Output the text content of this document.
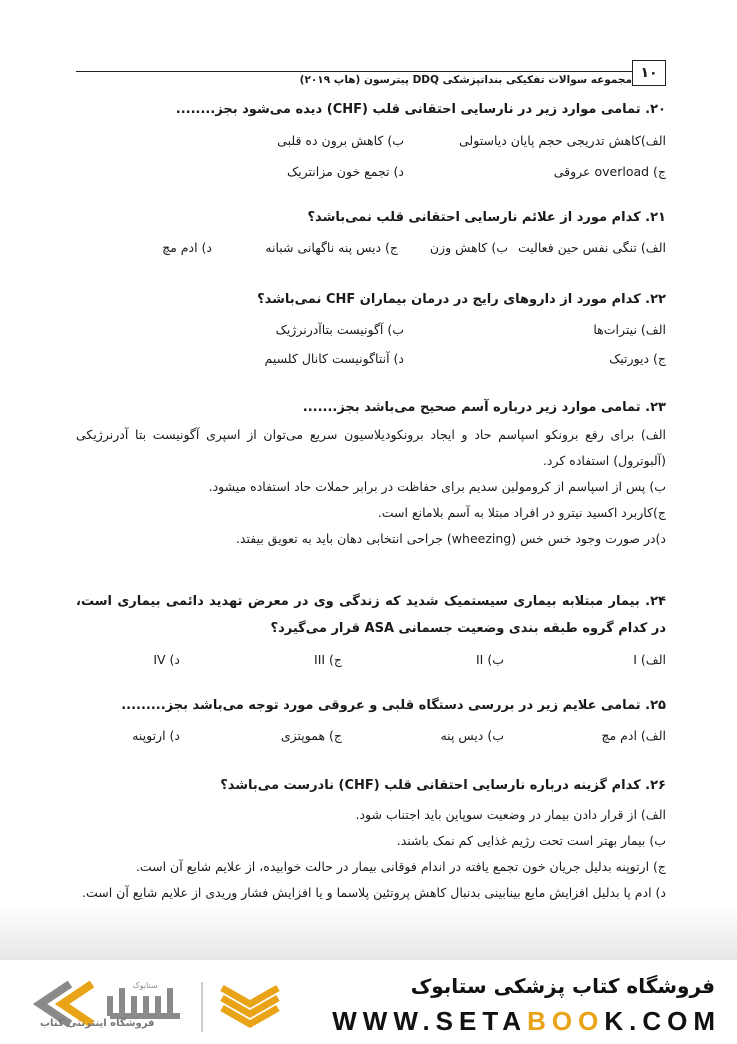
۱۰
مجموعه سوالات تفکیکی بنداتپزشکی DDQ پیترسون (هاپ ۲۰۱۹)
۲۰. تمامی موارد زیر در نارسایی احتقانی قلب (CHF) دیده می‌شود بجز........
الف)کاهش تدریجی حجم پایان دیاستولی
ب) کاهش برون ده قلبی
ج) overload عروقی
د) تجمع خون مزانتریک
۲۱. کدام مورد از علائم نارسایی احتقانی قلب نمی‌باشد؟
الف) تنگی نفس حین فعالیت
ب) کاهش وزن
ج) دیس پنه ناگهانی شبانه
د) ادم مچ
۲۲. کدام مورد از داروهای رایج در درمان بیماران CHF نمی‌باشد؟
الف) نیترات‌ها
ب) آگونیست بتاآدرنرژیک
ج) دیورتیک
د) آنتاگونیست کانال کلسیم
۲۳. تمامی موارد زیر درباره آسم صحیح می‌باشد بجز.......
الف) برای رفع برونکو اسپاسم حاد و ایجاد برونکودیلاسیون سریع می‌توان از اسپری آگونیست بتا آدرنرژیکی (آلبوترول) استفاده کرد.
ب) پس از اسپاسم از کرومولین سدیم برای حفاظت در برابر حملات حاد استفاده میشود.
ج)کاربرد اکسید نیترو در افراد مبتلا به آسم بلامانع است.
د)در صورت وجود خس خس (wheezing) جراحی انتخابی دهان باید به تعویق بیفتد.
۲۴. بیمار مبتلابه بیماری سیستمیک شدید که زندگی وی در معرض تهدید دائمی بیماری است، در کدام گروه طبقه بندی وضعیت جسمانی ASA قرار می‌گیرد؟
الف) I
ب) II
ج) III
د) IV
۲۵. تمامی علایم زیر در بررسی دستگاه قلبی و عروقی مورد توجه می‌باشد بجز.........
الف) ادم مچ
ب) دیس پنه
ج) هموپتزی
د) ارتوپنه
۲۶. کدام گزینه درباره نارسایی احتقانی قلب (CHF) نادرست می‌باشد؟
الف) از قرار دادن بیمار در وضعیت سوپاین باید اجتناب شود.
ب) بیمار بهتر است تحت رژیم غذایی کم نمک باشند.
ج) ارتوپنه بدلیل جریان خون تجمع یافته در اندام فوقانی بیمار در حالت خوابیده، از علایم شایع آن است.
د) ادم پا بدلیل افزایش مایع بینابینی بدنبال کاهش پروتئین پلاسما و یا افزایش فشار وریدی از علایم شایع آن است.
ستابوک	فروشگاه کتاب پزشکی ستابوک
WWW.SETABOOK.COM
فروشگاه اینترنتی کتاب
